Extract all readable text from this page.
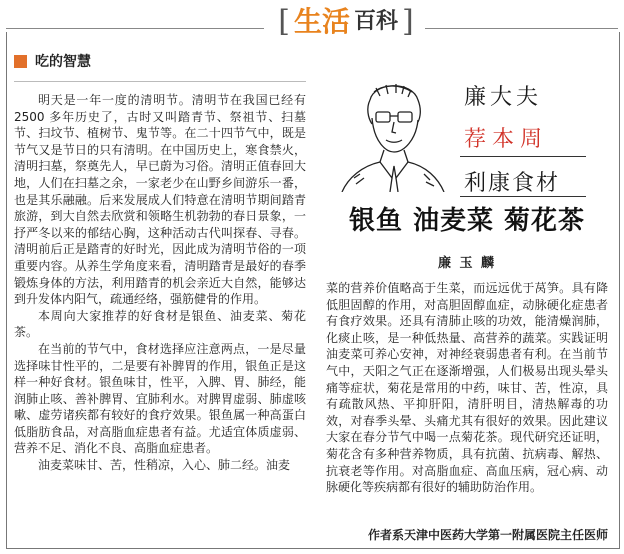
[ 生活 百科 ]
吃的智慧

明天是一年一度的清明节。清明节在我国已经有 2500 多年历史了，古时又叫踏青节、祭祖节、扫墓节、扫坟节、植树节、鬼节等。在二十四节气中，既是节气又是节日的只有清明。在中国历史上，寒食禁火，清明扫墓，祭奠先人，早已蔚为习俗。清明正值春回大地，人们在扫墓之余，一家老少在山野乡间游乐一番，也是其乐融融。后来发展成人们特意在清明节期间踏青旅游，到大自然去欣赏和领略生机勃勃的春日景象，一抒严冬以来的郁结心胸，这种活动古代叫探春、寻春。清明前后正是踏青的好时光，因此成为清明节俗的一项重要内容。从养生学角度来看，清明踏青是最好的春季锻炼身体的方法，利用踏青的机会亲近大自然，能够达到升发体内阳气，疏通经络，强筋健骨的作用。

本周向大家推荐的好食材是银鱼、油麦菜、菊花茶。

在当前的节气中，食材选择应注意两点，一是尽量选择味甘性平的，二是要有补脾胃的作用，银鱼正是这样一种好食材。银鱼味甘，性平，入脾、胃、肺经，能润肺止咳、善补脾胃、宜肺利水。对脾胃虚弱、肺虚咳嗽、虚劳诸疾都有较好的食疗效果。银鱼属一种高蛋白低脂肪食品，对高脂血症患者有益。尤适宜体质虚弱、营养不足、消化不良、高脂血症患者。

油麦菜味甘、苦，性稍凉，入心、肺二经。油麦

廉大夫
荐本周
利康食材
银鱼 油麦菜 菊花茶
廉 玉 麟

菜的营养价值略高于生菜，而远远优于莴笋。具有降低胆固醇的作用，对高胆固醇血症，动脉硬化症患者有食疗效果。还具有清肺止咳的功效，能清燥润肺，化痰止咳，是一种低热量、高营养的蔬菜。实践证明油麦菜可养心安神，对神经衰弱患者有利。在当前节气中，天阳之气正在逐渐增强，人们极易出现头晕头痛等症状，菊花是常用的中药，味甘、苦，性凉，具有疏散风热、平抑肝阳，清肝明目，清热解毒的功效，对春季头晕、头痛尤其有很好的效果。因此建议大家在春分节气中喝一点菊花茶。现代研究还证明，菊花含有多种营养物质，具有抗菌、抗病毒、解热、抗衰老等作用。对高脂血症、高血压病，冠心病、动脉硬化等疾病都有很好的辅助防治作用。

作者系天津中医药大学第一附属医院主任医师
